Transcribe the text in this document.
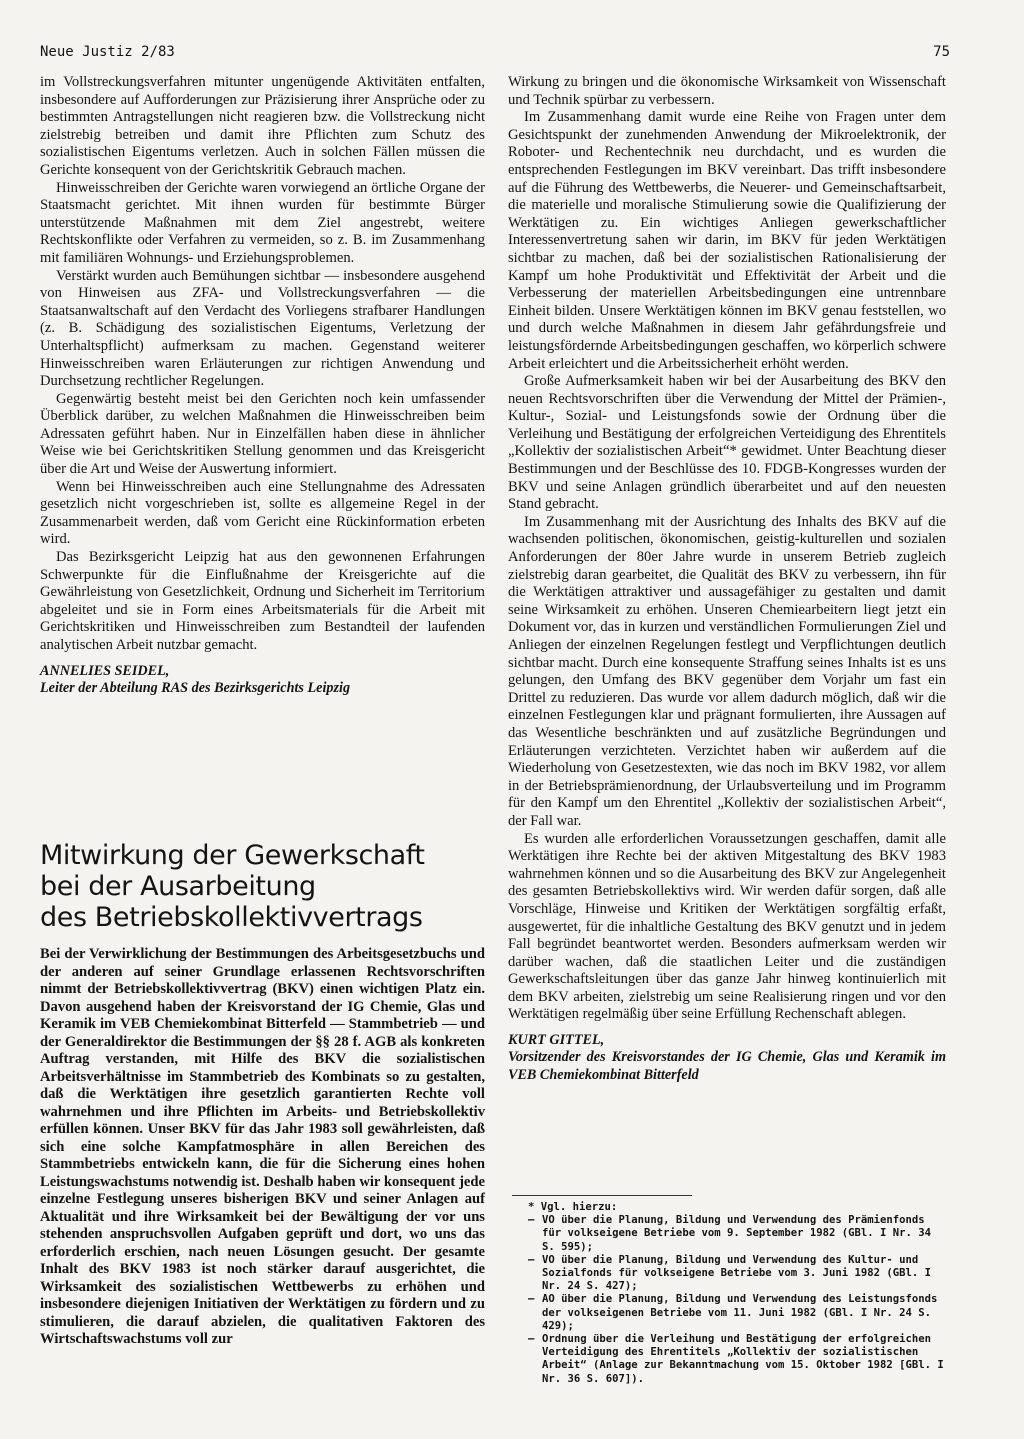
Neue Justiz 2/83	75

im Vollstreckungsverfahren mitunter ungenügende Aktivitäten entfalten, insbesondere auf Aufforderungen zur Präzisierung ihrer Ansprüche oder zu bestimmten Antragstellungen nicht reagieren bzw. die Vollstreckung nicht zielstrebig betreiben und damit ihre Pflichten zum Schutz des sozialistischen Eigentums verletzen. Auch in solchen Fällen müssen die Gerichte konsequent von der Gerichtskritik Gebrauch machen.

Hinweisschreiben der Gerichte waren vorwiegend an örtliche Organe der Staatsmacht gerichtet. Mit ihnen wurden für bestimmte Bürger unterstützende Maßnahmen mit dem Ziel angestrebt, weitere Rechtskonflikte oder Verfahren zu vermeiden, so z. B. im Zusammenhang mit familiären Wohnungs- und Erziehungsproblemen.

Verstärkt wurden auch Bemühungen sichtbar — insbesondere ausgehend von Hinweisen aus ZFA- und Vollstreckungsverfahren — die Staatsanwaltschaft auf den Verdacht des Vorliegens strafbarer Handlungen (z. B. Schädigung des sozialistischen Eigentums, Verletzung der Unterhaltspflicht) aufmerksam zu machen. Gegenstand weiterer Hinweisschreiben waren Erläuterungen zur richtigen Anwendung und Durchsetzung rechtlicher Regelungen.

Gegenwärtig besteht meist bei den Gerichten noch kein umfassender Überblick darüber, zu welchen Maßnahmen die Hinweisschreiben beim Adressaten geführt haben. Nur in Einzelfällen haben diese in ähnlicher Weise wie bei Gerichtskritiken Stellung genommen und das Kreisgericht über die Art und Weise der Auswertung informiert.

Wenn bei Hinweisschreiben auch eine Stellungnahme des Adressaten gesetzlich nicht vorgeschrieben ist, sollte es allgemeine Regel in der Zusammenarbeit werden, daß vom Gericht eine Rückinformation erbeten wird.

Das Bezirksgericht Leipzig hat aus den gewonnenen Erfahrungen Schwerpunkte für die Einflußnahme der Kreisgerichte auf die Gewährleistung von Gesetzlichkeit, Ordnung und Sicherheit im Territorium abgeleitet und sie in Form eines Arbeitsmaterials für die Arbeit mit Gerichtskritiken und Hinweisschreiben zum Bestandteil der laufenden analytischen Arbeit nutzbar gemacht.

ANNELIES SEIDEL,
Leiter der Abteilung RAS des Bezirksgerichts Leipzig
Mitwirkung der Gewerkschaft
bei der Ausarbeitung
des Betriebskollektivvertrags

Bei der Verwirklichung der Bestimmungen des Arbeitsgesetzbuchs und der anderen auf seiner Grundlage erlassenen Rechtsvorschriften nimmt der Betriebskollektivvertrag (BKV) einen wichtigen Platz ein. Davon ausgehend haben der Kreisvorstand der IG Chemie, Glas und Keramik im VEB Chemiekombinat Bitterfeld — Stammbetrieb — und der Generaldirektor die Bestimmungen der §§ 28 f. AGB als konkreten Auftrag verstanden, mit Hilfe des BKV die sozialistischen Arbeitsverhältnisse im Stammbetrieb des Kombinats so zu gestalten, daß die Werktätigen ihre gesetzlich garantierten Rechte voll wahrnehmen und ihre Pflichten im Arbeits- und Betriebskollektiv erfüllen können. Unser BKV für das Jahr 1983 soll gewährleisten, daß sich eine solche Kampfatmosphäre in allen Bereichen des Stammbetriebs entwickeln kann, die für die Sicherung eines hohen Leistungswachstums notwendig ist. Deshalb haben wir konsequent jede einzelne Festlegung unseres bisherigen BKV und seiner Anlagen auf Aktualität und ihre Wirksamkeit bei der Bewältigung der vor uns stehenden anspruchsvollen Aufgaben geprüft und dort, wo uns das erforderlich erschien, nach neuen Lösungen gesucht. Der gesamte Inhalt des BKV 1983 ist noch stärker darauf ausgerichtet, die Wirksamkeit des sozialistischen Wettbewerbs zu erhöhen und insbesondere diejenigen Initiativen der Werktätigen zu fördern und zu stimulieren, die darauf abzielen, die qualitativen Faktoren des Wirtschaftswachstums voll zur

Wirkung zu bringen und die ökonomische Wirksamkeit von Wissenschaft und Technik spürbar zu verbessern.

Im Zusammenhang damit wurde eine Reihe von Fragen unter dem Gesichtspunkt der zunehmenden Anwendung der Mikroelektronik, der Roboter- und Rechentechnik neu durchdacht, und es wurden die entsprechenden Festlegungen im BKV vereinbart. Das trifft insbesondere auf die Führung des Wettbewerbs, die Neuerer- und Gemeinschaftsarbeit, die materielle und moralische Stimulierung sowie die Qualifizierung der Werktätigen zu. Ein wichtiges Anliegen gewerkschaftlicher Interessenvertretung sahen wir darin, im BKV für jeden Werktätigen sichtbar zu machen, daß bei der sozialistischen Rationalisierung der Kampf um hohe Produktivität und Effektivität der Arbeit und die Verbesserung der materiellen Arbeitsbedingungen eine untrennbare Einheit bilden. Unsere Werktätigen können im BKV genau feststellen, wo und durch welche Maßnahmen in diesem Jahr gefährdungsfreie und leistungsfördernde Arbeitsbedingungen geschaffen, wo körperlich schwere Arbeit erleichtert und die Arbeitssicherheit erhöht werden.

Große Aufmerksamkeit haben wir bei der Ausarbeitung des BKV den neuen Rechtsvorschriften über die Verwendung der Mittel der Prämien-, Kultur-, Sozial- und Leistungsfonds sowie der Ordnung über die Verleihung und Bestätigung der erfolgreichen Verteidigung des Ehrentitels „Kollektiv der sozialistischen Arbeit“* gewidmet. Unter Beachtung dieser Bestimmungen und der Beschlüsse des 10. FDGB-Kongresses wurden der BKV und seine Anlagen gründlich überarbeitet und auf den neuesten Stand gebracht.

Im Zusammenhang mit der Ausrichtung des Inhalts des BKV auf die wachsenden politischen, ökonomischen, geistig-kulturellen und sozialen Anforderungen der 80er Jahre wurde in unserem Betrieb zugleich zielstrebig daran gearbeitet, die Qualität des BKV zu verbessern, ihn für die Werktätigen attraktiver und aussagefähiger zu gestalten und damit seine Wirksamkeit zu erhöhen. Unseren Chemiearbeitern liegt jetzt ein Dokument vor, das in kurzen und verständlichen Formulierungen Ziel und Anliegen der einzelnen Regelungen festlegt und Verpflichtungen deutlich sichtbar macht. Durch eine konsequente Straffung seines Inhalts ist es uns gelungen, den Umfang des BKV gegenüber dem Vorjahr um fast ein Drittel zu reduzieren. Das wurde vor allem dadurch möglich, daß wir die einzelnen Festlegungen klar und prägnant formulierten, ihre Aussagen auf das Wesentliche beschränkten und auf zusätzliche Begründungen und Erläuterungen verzichteten. Verzichtet haben wir außerdem auf die Wiederholung von Gesetzestexten, wie das noch im BKV 1982, vor allem in der Betriebsprämienordnung, der Urlaubsverteilung und im Programm für den Kampf um den Ehrentitel „Kollektiv der sozialistischen Arbeit“, der Fall war.

Es wurden alle erforderlichen Voraussetzungen geschaffen, damit alle Werktätigen ihre Rechte bei der aktiven Mitgestaltung des BKV 1983 wahrnehmen können und so die Ausarbeitung des BKV zur Angelegenheit des gesamten Betriebskollektivs wird. Wir werden dafür sorgen, daß alle Vorschläge, Hinweise und Kritiken der Werktätigen sorgfältig erfaßt, ausgewertet, für die inhaltliche Gestaltung des BKV genutzt und in jedem Fall begründet beantwortet werden. Besonders aufmerksam werden wir darüber wachen, daß die staatlichen Leiter und die zuständigen Gewerkschaftsleitungen über das ganze Jahr hinweg kontinuierlich mit dem BKV arbeiten, zielstrebig um seine Realisierung ringen und vor den Werktätigen regelmäßig über seine Erfüllung Rechenschaft ablegen.

KURT GITTEL,
Vorsitzender des Kreisvorstandes der IG Chemie, Glas und Keramik im VEB Chemiekombinat Bitterfeld
* Vgl. hierzu:
– VO über die Planung, Bildung und Verwendung des Prämienfonds für volkseigene Betriebe vom 9. September 1982 (GBl. I Nr. 34 S. 595);
– VO über die Planung, Bildung und Verwendung des Kultur- und Sozialfonds für volkseigene Betriebe vom 3. Juni 1982 (GBl. I Nr. 24 S. 427);
– AO über die Planung, Bildung und Verwendung des Leistungsfonds der volkseigenen Betriebe vom 11. Juni 1982 (GBl. I Nr. 24 S. 429);
– Ordnung über die Verleihung und Bestätigung der erfolgreichen Verteidigung des Ehrentitels „Kollektiv der sozialistischen Arbeit“ (Anlage zur Bekanntmachung vom 15. Oktober 1982 [GBl. I Nr. 36 S. 607]).
